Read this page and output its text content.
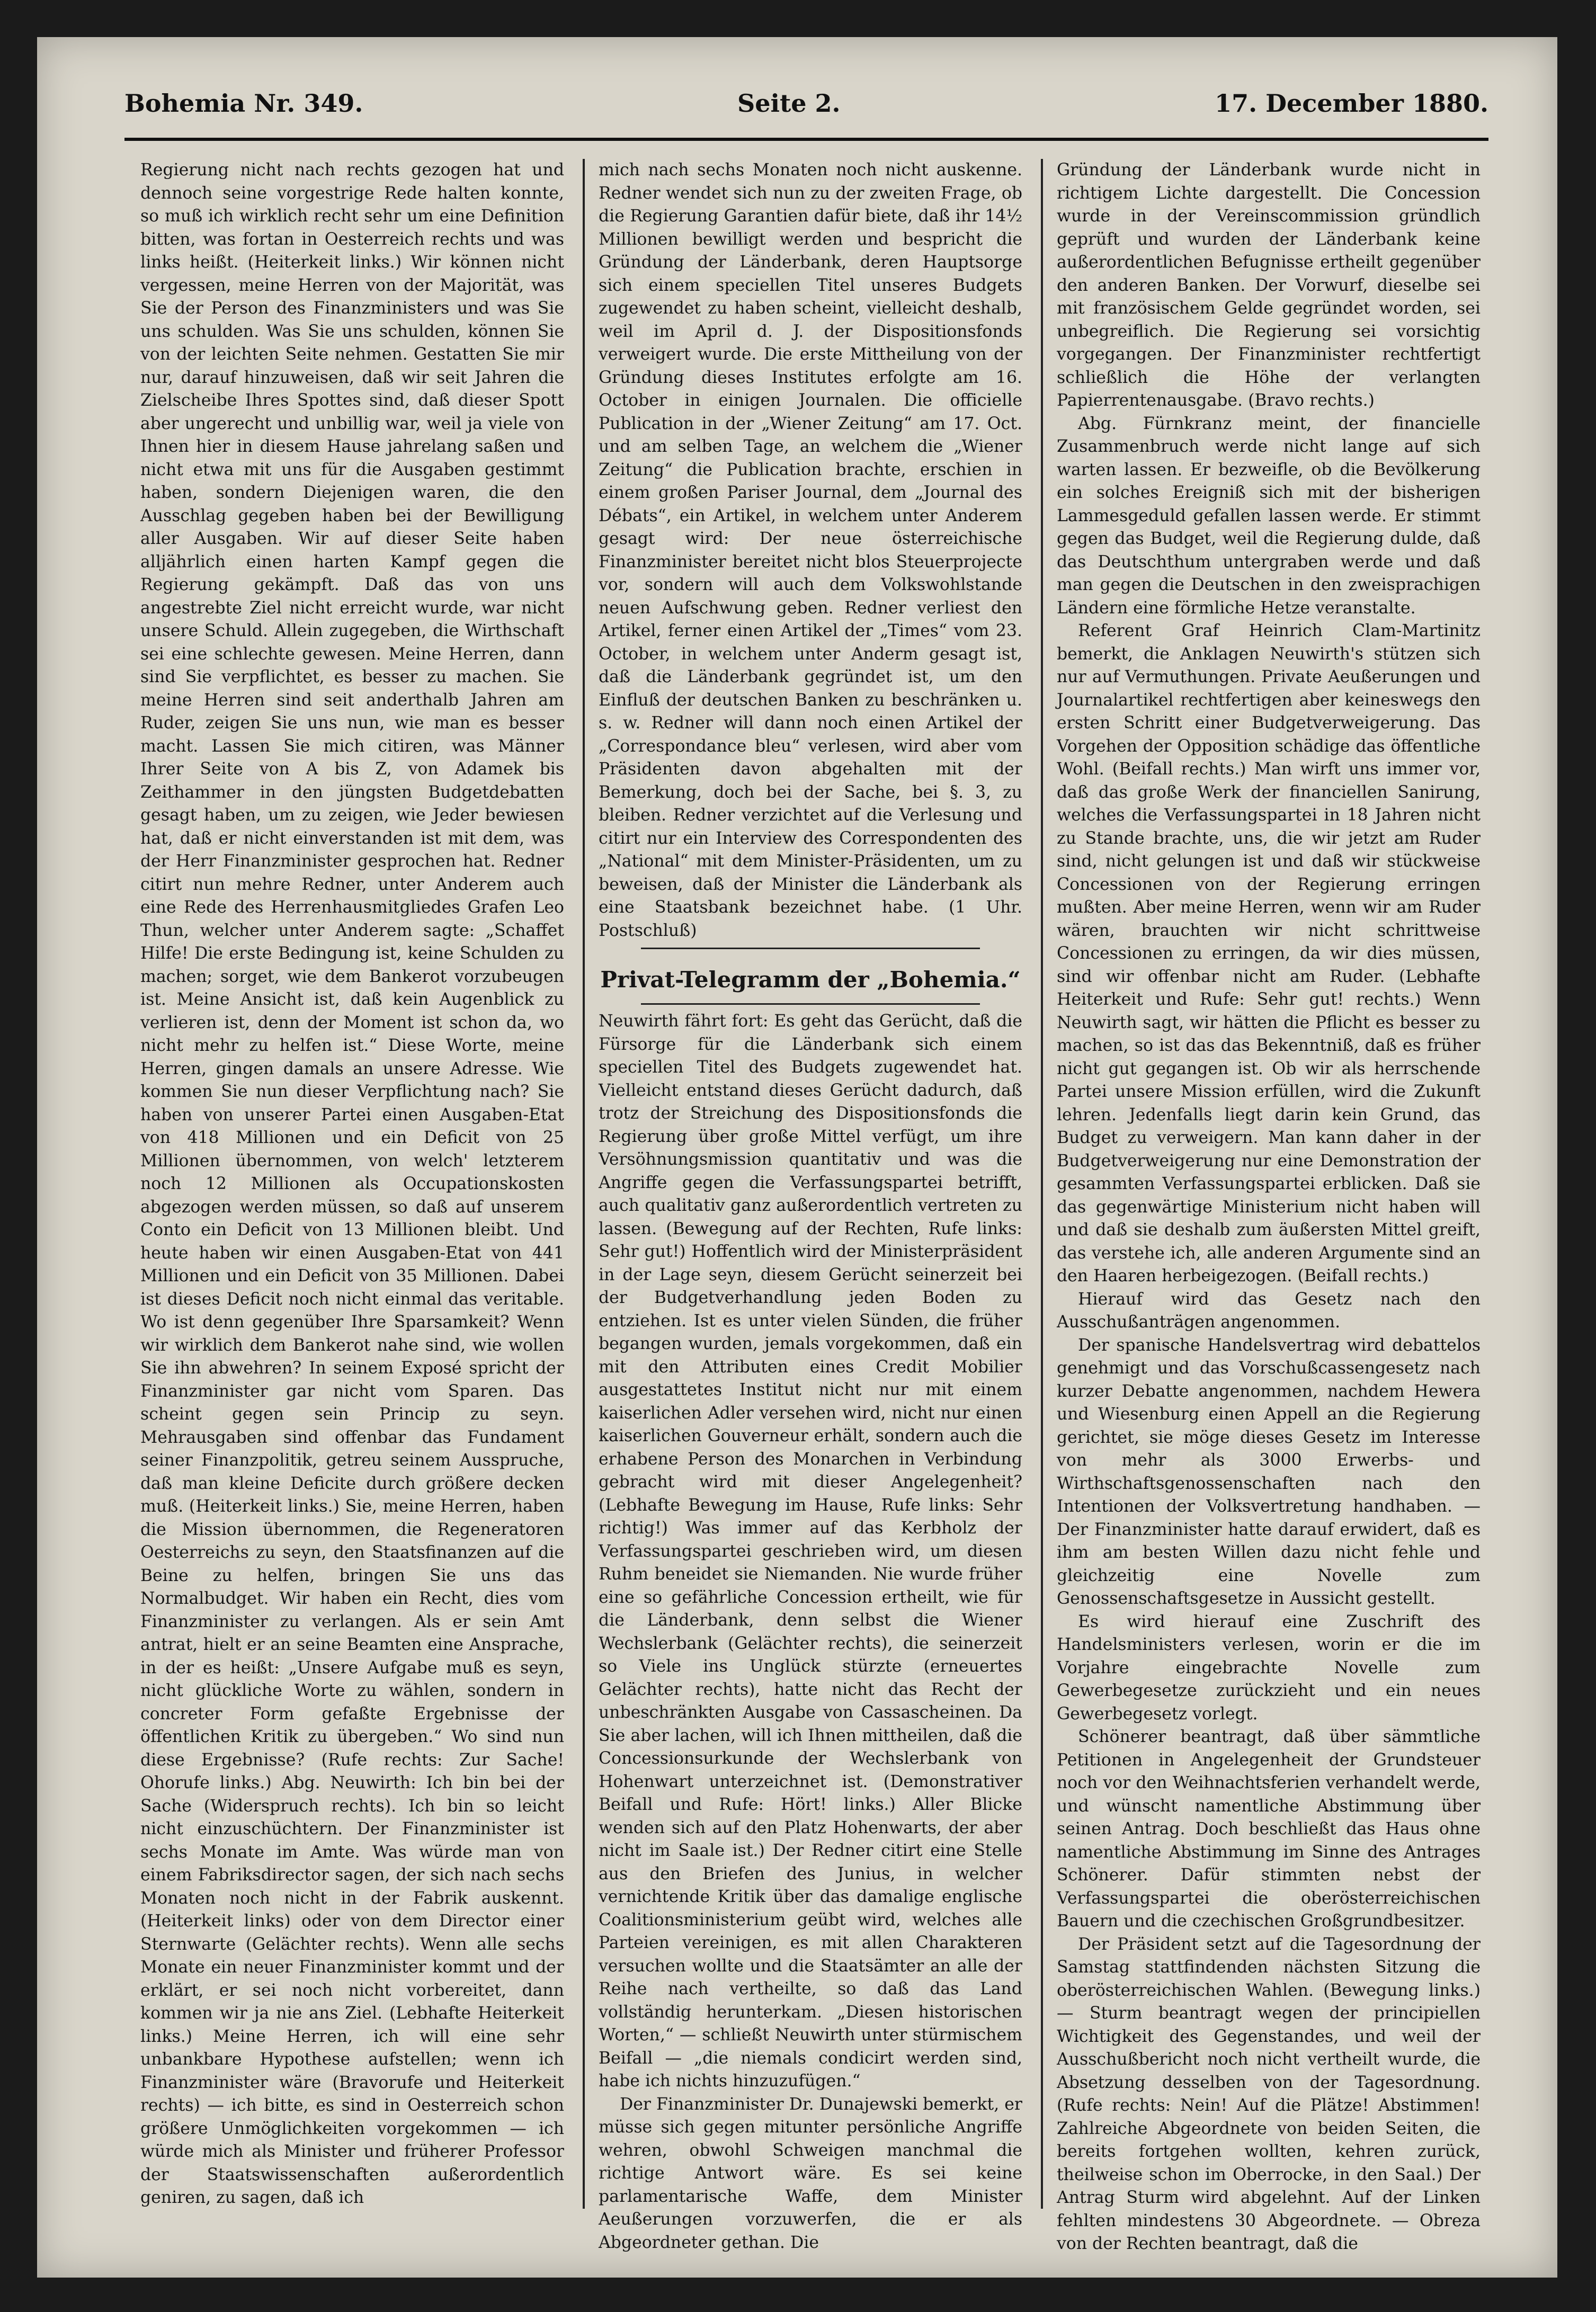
Bohemia Nr. 349.	Seite 2.	17. December 1880.

Regierung nicht nach rechts gezogen hat und dennoch seine vorgestrige Rede halten konnte, so muß ich wirklich recht sehr um eine Definition bitten, was fortan in Oesterreich rechts und was links heißt. (Heiterkeit links.) Wir können nicht vergessen, meine Herren von der Majorität, was Sie der Person des Finanzministers und was Sie uns schulden. Was Sie uns schulden, können Sie von der leichten Seite nehmen. Gestatten Sie mir nur, darauf hinzuweisen, daß wir seit Jahren die Zielscheibe Ihres Spottes sind, daß dieser Spott aber ungerecht und unbillig war, weil ja viele von Ihnen hier in diesem Hause jahrelang saßen und nicht etwa mit uns für die Ausgaben gestimmt haben, sondern Diejenigen waren, die den Ausschlag gegeben haben bei der Bewilligung aller Ausgaben. Wir auf dieser Seite haben alljährlich einen harten Kampf gegen die Regierung gekämpft. Daß das von uns angestrebte Ziel nicht erreicht wurde, war nicht unsere Schuld. Allein zugegeben, die Wirthschaft sei eine schlechte gewesen. Meine Herren, dann sind Sie verpflichtet, es besser zu machen. Sie meine Herren sind seit anderthalb Jahren am Ruder, zeigen Sie uns nun, wie man es besser macht. Lassen Sie mich citiren, was Männer Ihrer Seite von A bis Z, von Adamek bis Zeithammer in den jüngsten Budgetdebatten gesagt haben, um zu zeigen, wie Jeder bewiesen hat, daß er nicht einverstanden ist mit dem, was der Herr Finanzminister gesprochen hat. Redner citirt nun mehre Redner, unter Anderem auch eine Rede des Herrenhausmitgliedes Grafen Leo Thun, welcher unter Anderem sagte: „Schaffet Hilfe! Die erste Bedingung ist, keine Schulden zu machen; sorget, wie dem Bankerot vorzubeugen ist. Meine Ansicht ist, daß kein Augenblick zu verlieren ist, denn der Moment ist schon da, wo nicht mehr zu helfen ist.“ Diese Worte, meine Herren, gingen damals an unsere Adresse. Wie kommen Sie nun dieser Verpflichtung nach? Sie haben von unserer Partei einen Ausgaben-Etat von 418 Millionen und ein Deficit von 25 Millionen übernommen, von welch' letzterem noch 12 Millionen als Occupationskosten abgezogen werden müssen, so daß auf unserem Conto ein Deficit von 13 Millionen bleibt. Und heute haben wir einen Ausgaben-Etat von 441 Millionen und ein Deficit von 35 Millionen. Dabei ist dieses Deficit noch nicht einmal das veritable. Wo ist denn gegenüber Ihre Sparsamkeit? Wenn wir wirklich dem Bankerot nahe sind, wie wollen Sie ihn abwehren? In seinem Exposé spricht der Finanzminister gar nicht vom Sparen. Das scheint gegen sein Princip zu seyn. Mehrausgaben sind offenbar das Fundament seiner Finanzpolitik, getreu seinem Ausspruche, daß man kleine Deficite durch größere decken muß. (Heiterkeit links.) Sie, meine Herren, haben die Mission übernommen, die Regeneratoren Oesterreichs zu seyn, den Staatsfinanzen auf die Beine zu helfen, bringen Sie uns das Normalbudget. Wir haben ein Recht, dies vom Finanzminister zu verlangen. Als er sein Amt antrat, hielt er an seine Beamten eine Ansprache, in der es heißt: „Unsere Aufgabe muß es seyn, nicht glückliche Worte zu wählen, sondern in concreter Form gefaßte Ergebnisse der öffentlichen Kritik zu übergeben.“ Wo sind nun diese Ergebnisse? (Rufe rechts: Zur Sache! Ohorufe links.) Abg. Neuwirth: Ich bin bei der Sache (Widerspruch rechts). Ich bin so leicht nicht einzuschüchtern. Der Finanzminister ist sechs Monate im Amte. Was würde man von einem Fabriksdirector sagen, der sich nach sechs Monaten noch nicht in der Fabrik auskennt. (Heiterkeit links) oder von dem Director einer Sternwarte (Gelächter rechts). Wenn alle sechs Monate ein neuer Finanzminister kommt und der erklärt, er sei noch nicht vorbereitet, dann kommen wir ja nie ans Ziel. (Lebhafte Heiterkeit links.) Meine Herren, ich will eine sehr unbankbare Hypothese aufstellen; wenn ich Finanzminister wäre (Bravorufe und Heiterkeit rechts) — ich bitte, es sind in Oesterreich schon größere Unmöglichkeiten vorgekommen — ich würde mich als Minister und früherer Professor der Staatswissenschaften außerordentlich geniren, zu sagen, daß ich

mich nach sechs Monaten noch nicht auskenne. Redner wendet sich nun zu der zweiten Frage, ob die Regierung Garantien dafür biete, daß ihr 14½ Millionen bewilligt werden und bespricht die Gründung der Länderbank, deren Hauptsorge sich einem speciellen Titel unseres Budgets zugewendet zu haben scheint, vielleicht deshalb, weil im April d. J. der Dispositionsfonds verweigert wurde. Die erste Mittheilung von der Gründung dieses Institutes erfolgte am 16. October in einigen Journalen. Die officielle Publication in der „Wiener Zeitung“ am 17. Oct. und am selben Tage, an welchem die „Wiener Zeitung“ die Publication brachte, erschien in einem großen Pariser Journal, dem „Journal des Débats“, ein Artikel, in welchem unter Anderem gesagt wird: Der neue österreichische Finanzminister bereitet nicht blos Steuerprojecte vor, sondern will auch dem Volkswohlstande neuen Aufschwung geben. Redner verliest den Artikel, ferner einen Artikel der „Times“ vom 23. October, in welchem unter Anderm gesagt ist, daß die Länderbank gegründet ist, um den Einfluß der deutschen Banken zu beschränken u. s. w. Redner will dann noch einen Artikel der „Correspondance bleu“ verlesen, wird aber vom Präsidenten davon abgehalten mit der Bemerkung, doch bei der Sache, bei §. 3, zu bleiben. Redner verzichtet auf die Verlesung und citirt nur ein Interview des Correspondenten des „National“ mit dem Minister-Präsidenten, um zu beweisen, daß der Minister die Länderbank als eine Staatsbank bezeichnet habe. (1 Uhr. Postschluß)

Privat-Telegramm der „Bohemia.“

Neuwirth fährt fort: Es geht das Gerücht, daß die Fürsorge für die Länderbank sich einem speciellen Titel des Budgets zugewendet hat. Vielleicht entstand dieses Gerücht dadurch, daß trotz der Streichung des Dispositionsfonds die Regierung über große Mittel verfügt, um ihre Versöhnungsmission quantitativ und was die Angriffe gegen die Verfassungspartei betrifft, auch qualitativ ganz außerordentlich vertreten zu lassen. (Bewegung auf der Rechten, Rufe links: Sehr gut!) Hoffentlich wird der Ministerpräsident in der Lage seyn, diesem Gerücht seinerzeit bei der Budgetverhandlung jeden Boden zu entziehen. Ist es unter vielen Sünden, die früher begangen wurden, jemals vorgekommen, daß ein mit den Attributen eines Credit Mobilier ausgestattetes Institut nicht nur mit einem kaiserlichen Adler versehen wird, nicht nur einen kaiserlichen Gouverneur erhält, sondern auch die erhabene Person des Monarchen in Verbindung gebracht wird mit dieser Angelegenheit? (Lebhafte Bewegung im Hause, Rufe links: Sehr richtig!) Was immer auf das Kerbholz der Verfassungspartei geschrieben wird, um diesen Ruhm beneidet sie Niemanden. Nie wurde früher eine so gefährliche Concession ertheilt, wie für die Länderbank, denn selbst die Wiener Wechslerbank (Gelächter rechts), die seinerzeit so Viele ins Unglück stürzte (erneuertes Gelächter rechts), hatte nicht das Recht der unbeschränkten Ausgabe von Cassascheinen. Da Sie aber lachen, will ich Ihnen mittheilen, daß die Concessionsurkunde der Wechslerbank von Hohenwart unterzeichnet ist. (Demonstrativer Beifall und Rufe: Hört! links.) Aller Blicke wenden sich auf den Platz Hohenwarts, der aber nicht im Saale ist.) Der Redner citirt eine Stelle aus den Briefen des Junius, in welcher vernichtende Kritik über das damalige englische Coalitionsministerium geübt wird, welches alle Parteien vereinigen, es mit allen Charakteren versuchen wollte und die Staatsämter an alle der Reihe nach vertheilte, so daß das Land vollständig herunterkam. „Diesen historischen Worten,“ — schließt Neuwirth unter stürmischem Beifall — „die niemals condicirt werden sind, habe ich nichts hinzuzufügen.“

Der Finanzminister Dr. Dunajewski bemerkt, er müsse sich gegen mitunter persönliche Angriffe wehren, obwohl Schweigen manchmal die richtige Antwort wäre. Es sei keine parlamentarische Waffe, dem Minister Aeußerungen vorzuwerfen, die er als Abgeordneter gethan. Die

Gründung der Länderbank wurde nicht in richtigem Lichte dargestellt. Die Concession wurde in der Vereinscommission gründlich geprüft und wurden der Länderbank keine außerordentlichen Befugnisse ertheilt gegenüber den anderen Banken. Der Vorwurf, dieselbe sei mit französischem Gelde gegründet worden, sei unbegreiflich. Die Regierung sei vorsichtig vorgegangen. Der Finanzminister rechtfertigt schließlich die Höhe der verlangten Papierrentenausgabe. (Bravo rechts.)

Abg. Fürnkranz meint, der financielle Zusammenbruch werde nicht lange auf sich warten lassen. Er bezweifle, ob die Bevölkerung ein solches Ereigniß sich mit der bisherigen Lammesgeduld gefallen lassen werde. Er stimmt gegen das Budget, weil die Regierung dulde, daß das Deutschthum untergraben werde und daß man gegen die Deutschen in den zweisprachigen Ländern eine förmliche Hetze veranstalte.

Referent Graf Heinrich Clam-Martinitz bemerkt, die Anklagen Neuwirth's stützen sich nur auf Vermuthungen. Private Aeußerungen und Journalartikel rechtfertigen aber keineswegs den ersten Schritt einer Budgetverweigerung. Das Vorgehen der Opposition schädige das öffentliche Wohl. (Beifall rechts.) Man wirft uns immer vor, daß das große Werk der financiellen Sanirung, welches die Verfassungspartei in 18 Jahren nicht zu Stande brachte, uns, die wir jetzt am Ruder sind, nicht gelungen ist und daß wir stückweise Concessionen von der Regierung erringen mußten. Aber meine Herren, wenn wir am Ruder wären, brauchten wir nicht schrittweise Concessionen zu erringen, da wir dies müssen, sind wir offenbar nicht am Ruder. (Lebhafte Heiterkeit und Rufe: Sehr gut! rechts.) Wenn Neuwirth sagt, wir hätten die Pflicht es besser zu machen, so ist das das Bekenntniß, daß es früher nicht gut gegangen ist. Ob wir als herrschende Partei unsere Mission erfüllen, wird die Zukunft lehren. Jedenfalls liegt darin kein Grund, das Budget zu verweigern. Man kann daher in der Budgetverweigerung nur eine Demonstration der gesammten Verfassungspartei erblicken. Daß sie das gegenwärtige Ministerium nicht haben will und daß sie deshalb zum äußersten Mittel greift, das verstehe ich, alle anderen Argumente sind an den Haaren herbeigezogen. (Beifall rechts.)

Hierauf wird das Gesetz nach den Ausschußanträgen angenommen.

Der spanische Handelsvertrag wird debattelos genehmigt und das Vorschußcassengesetz nach kurzer Debatte angenommen, nachdem Hewera und Wiesenburg einen Appell an die Regierung gerichtet, sie möge dieses Gesetz im Interesse von mehr als 3000 Erwerbs- und Wirthschaftsgenossenschaften nach den Intentionen der Volksvertretung handhaben. — Der Finanzminister hatte darauf erwidert, daß es ihm am besten Willen dazu nicht fehle und gleichzeitig eine Novelle zum Genossenschaftsgesetze in Aussicht gestellt.

Es wird hierauf eine Zuschrift des Handelsministers verlesen, worin er die im Vorjahre eingebrachte Novelle zum Gewerbegesetze zurückzieht und ein neues Gewerbegesetz vorlegt.

Schönerer beantragt, daß über sämmtliche Petitionen in Angelegenheit der Grundsteuer noch vor den Weihnachtsferien verhandelt werde, und wünscht namentliche Abstimmung über seinen Antrag. Doch beschließt das Haus ohne namentliche Abstimmung im Sinne des Antrages Schönerer. Dafür stimmten nebst der Verfassungspartei die oberösterreichischen Bauern und die czechischen Großgrundbesitzer.

Der Präsident setzt auf die Tagesordnung der Samstag stattfindenden nächsten Sitzung die oberösterreichischen Wahlen. (Bewegung links.) — Sturm beantragt wegen der principiellen Wichtigkeit des Gegenstandes, und weil der Ausschußbericht noch nicht vertheilt wurde, die Absetzung desselben von der Tagesordnung. (Rufe rechts: Nein! Auf die Plätze! Abstimmen! Zahlreiche Abgeordnete von beiden Seiten, die bereits fortgehen wollten, kehren zurück, theilweise schon im Oberrocke, in den Saal.) Der Antrag Sturm wird abgelehnt. Auf der Linken fehlten mindestens 30 Abgeordnete. — Obreza von der Rechten beantragt, daß die
